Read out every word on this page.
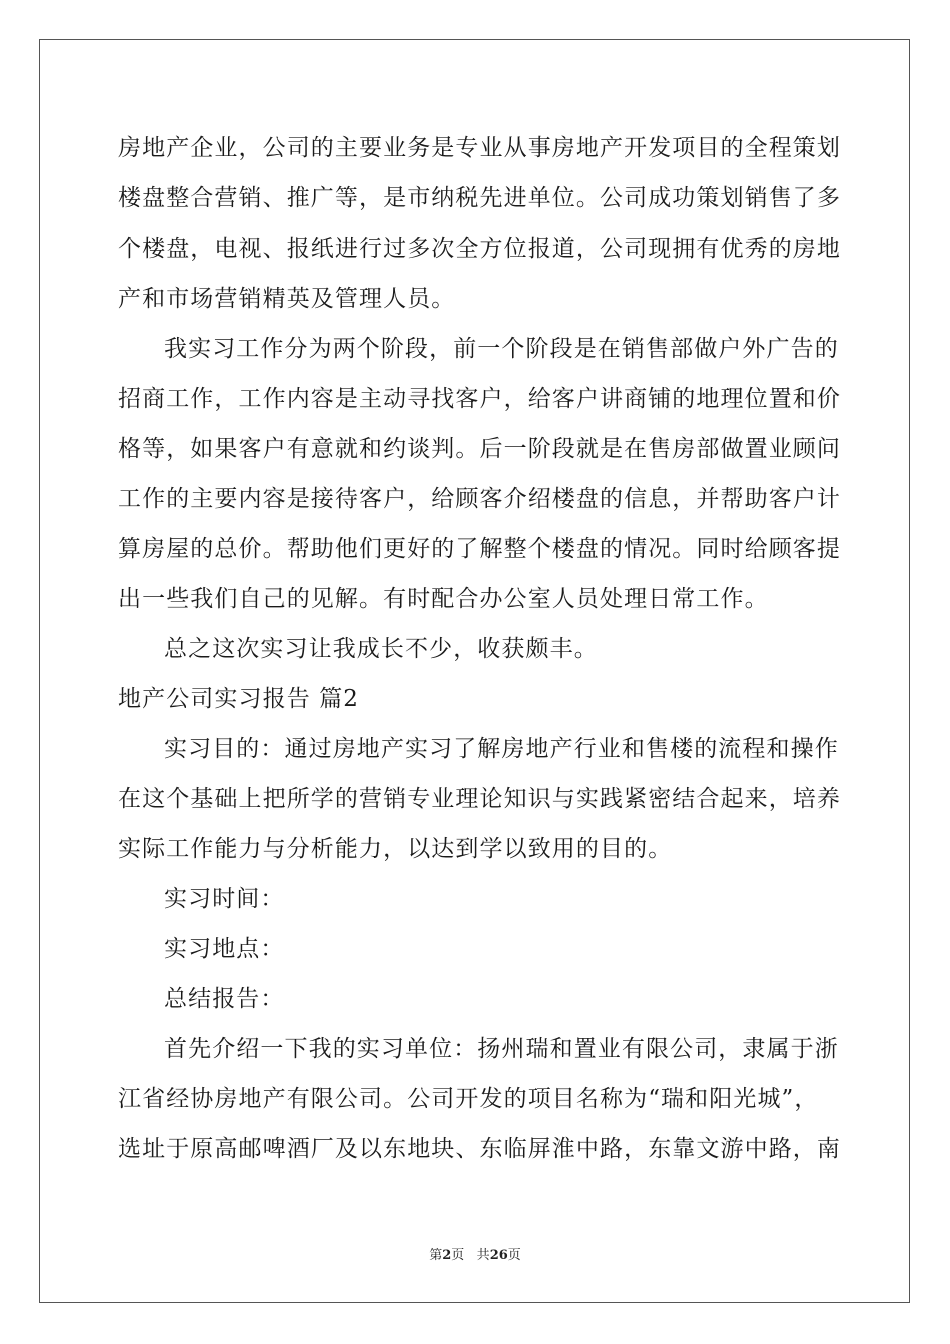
房地产企业，公司的主要业务是专业从事房地产开发项目的全程策划
楼盘整合营销、推广等，是市纳税先进单位。公司成功策划销售了多
个楼盘，电视、报纸进行过多次全方位报道，公司现拥有优秀的房地
产和市场营销精英及管理人员。
我实习工作分为两个阶段，前一个阶段是在销售部做户外广告的
招商工作，工作内容是主动寻找客户，给客户讲商铺的地理位置和价
格等，如果客户有意就和约谈判。后一阶段就是在售房部做置业顾问
工作的主要内容是接待客户，给顾客介绍楼盘的信息，并帮助客户计
算房屋的总价。帮助他们更好的了解整个楼盘的情况。同时给顾客提
出一些我们自己的见解。有时配合办公室人员处理日常工作。
总之这次实习让我成长不少，收获颇丰。
地产公司实习报告 篇2
实习目的：通过房地产实习了解房地产行业和售楼的流程和操作
在这个基础上把所学的营销专业理论知识与实践紧密结合起来，培养
实际工作能力与分析能力，以达到学以致用的目的。
实习时间：
实习地点：
总结报告：
首先介绍一下我的实习单位：扬州瑞和置业有限公司，隶属于浙
江省经协房地产有限公司。公司开发的项目名称为“瑞和阳光城”，
选址于原高邮啤酒厂及以东地块、东临屏淮中路，东靠文游中路，南
第2页 共26页
